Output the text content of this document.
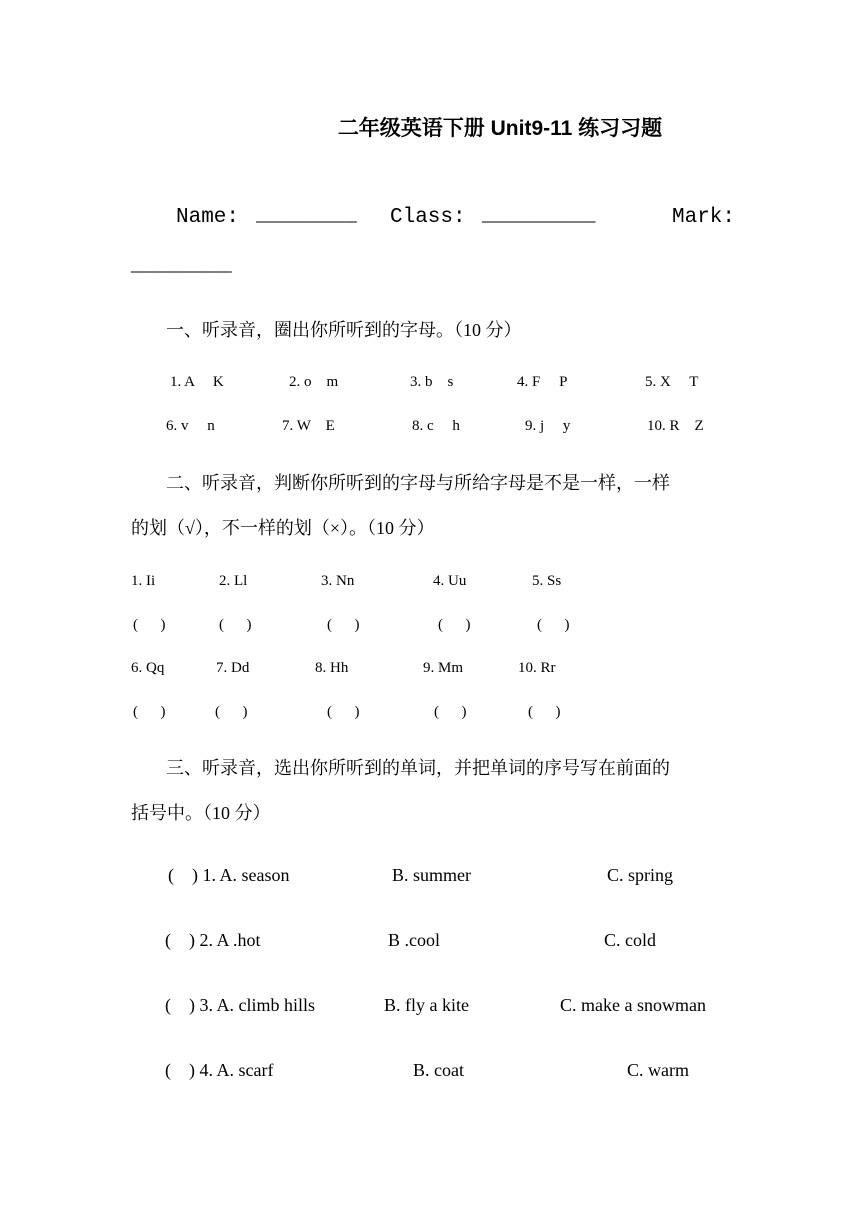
二年级英语下册 Unit9-11 练习习题
Name: ________ Class: _________	Mark:
________
一、听录音，圈出你所听到的字母。（10 分）
1. A     K	2. o    m	3. b    s	4. F     P	5. X     T
6. v     n	7. W    E	8. c     h	9. j     y	10. R    Z
二、听录音，判断你所听到的字母与所给字母是不是一样，一样
的划（√），不一样的划（×）。（10 分）
1. Ii	2. Ll	3. Nn	4. Uu	5. Ss
(      )	(      )	(      )	(      )	(      )
6. Qq	7. Dd	8. Hh	9. Mm	10. Rr
(      )	(      )	(      )	(      )	(      )
三、听录音，选出你所听到的单词，并把单词的序号写在前面的
括号中。（10 分）
(    ) 1. A. season	B. summer	C. spring
(    ) 2. A .hot	B .cool	C. cold
(    ) 3. A. climb hills	B. fly a kite	C. make a snowman
(    ) 4. A. scarf	B. coat	C. warm
